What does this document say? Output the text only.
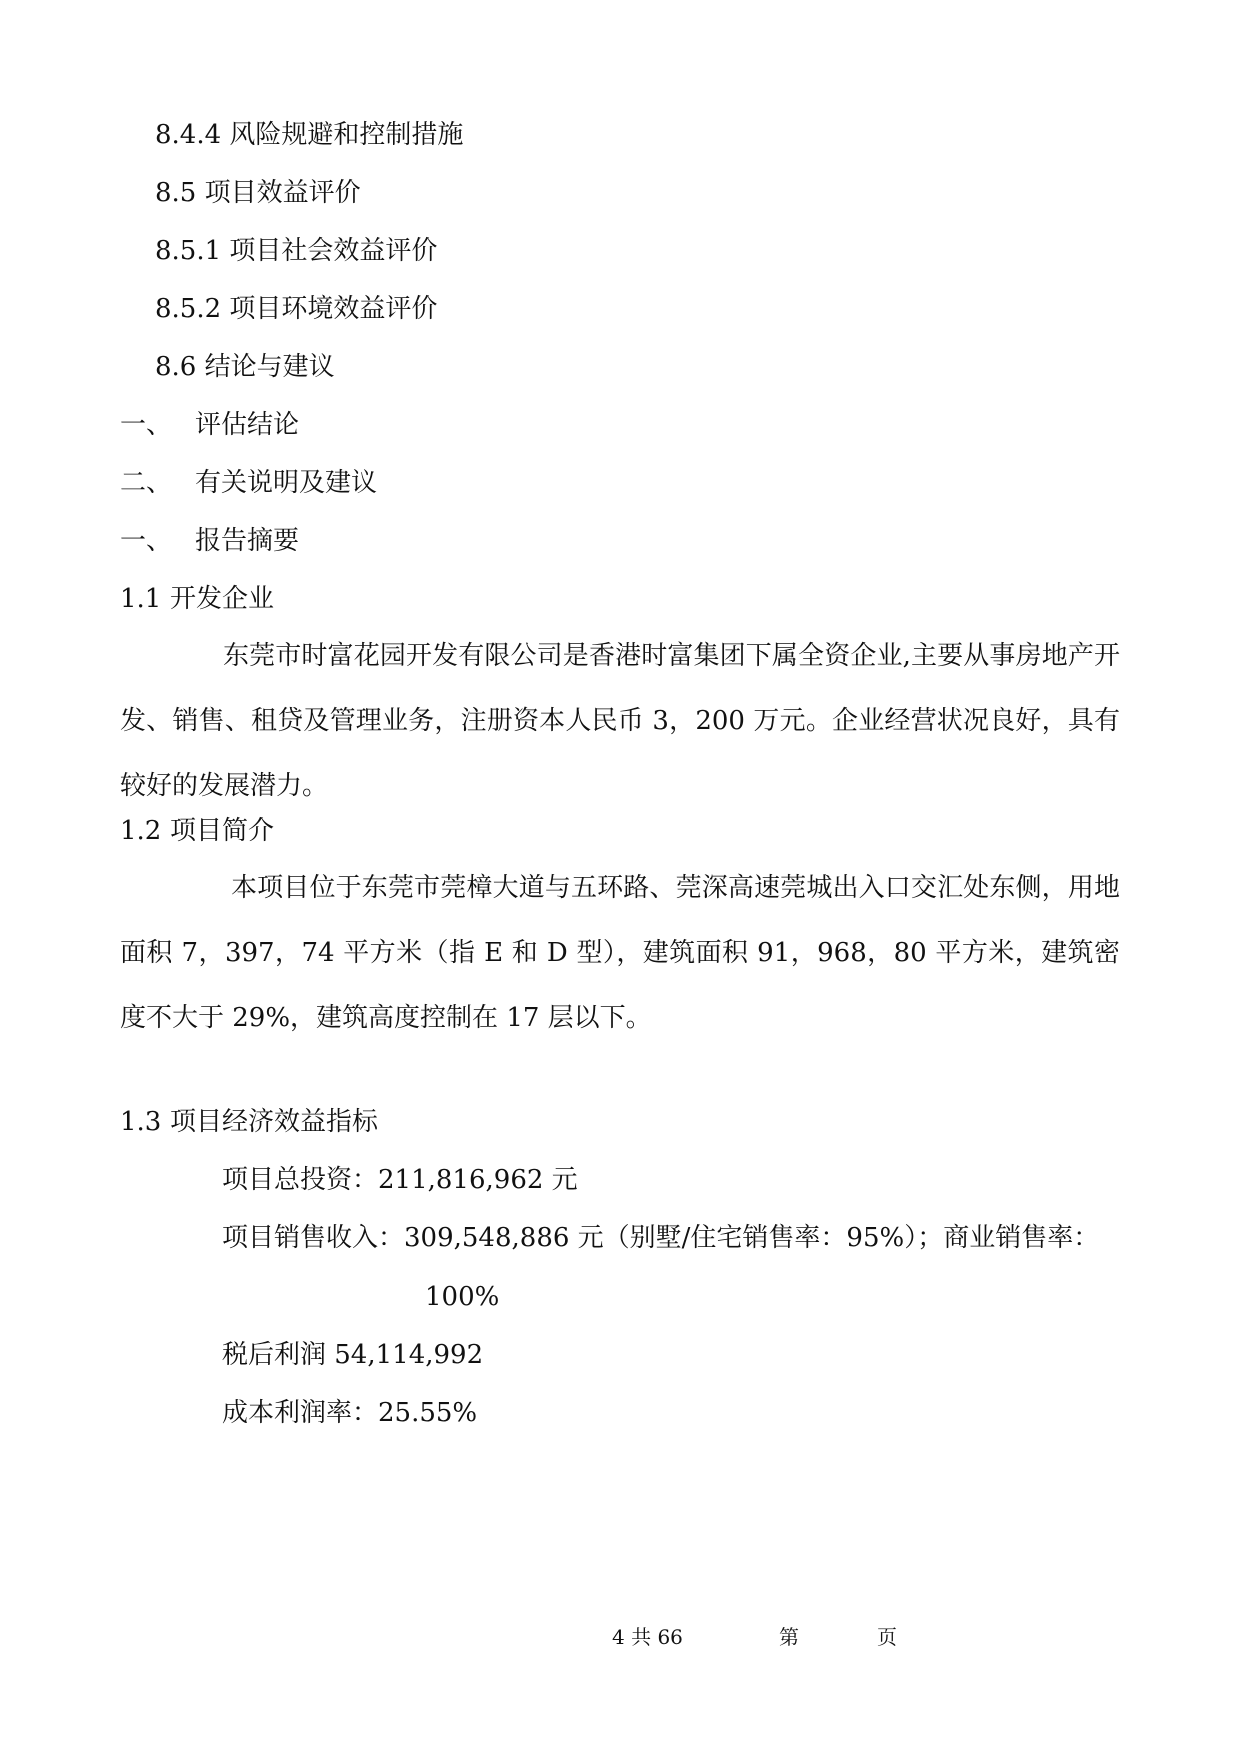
8.4.4 风险规避和控制措施
8.5 项目效益评价
8.5.1 项目社会效益评价
8.5.2 项目环境效益评价
8.6 结论与建议
一、 评估结论
二、 有关说明及建议
一、 报告摘要
1.1 开发企业
东莞市时富花园开发有限公司是香港时富集团下属全资企业,主要从事房地产开发、销售、租贷及管理业务，注册资本人民币 3，200 万元。企业经营状况良好，具有较好的发展潜力。
1.2 项目简介
本项目位于东莞市莞樟大道与五环路、莞深高速莞城出入口交汇处东侧，用地面积 7，397，74 平方米（指 E 和 D 型），建筑面积 91，968，80 平方米，建筑密度不大于 29%，建筑高度控制在 17 层以下。
1.3 项目经济效益指标
项目总投资：211,816,962 元
项目销售收入：309,548,886 元（别墅/住宅销售率：95%）；商业销售率：
100%
税后利润 54,114,992
成本利润率：25.55%
4 共 66	第	页
